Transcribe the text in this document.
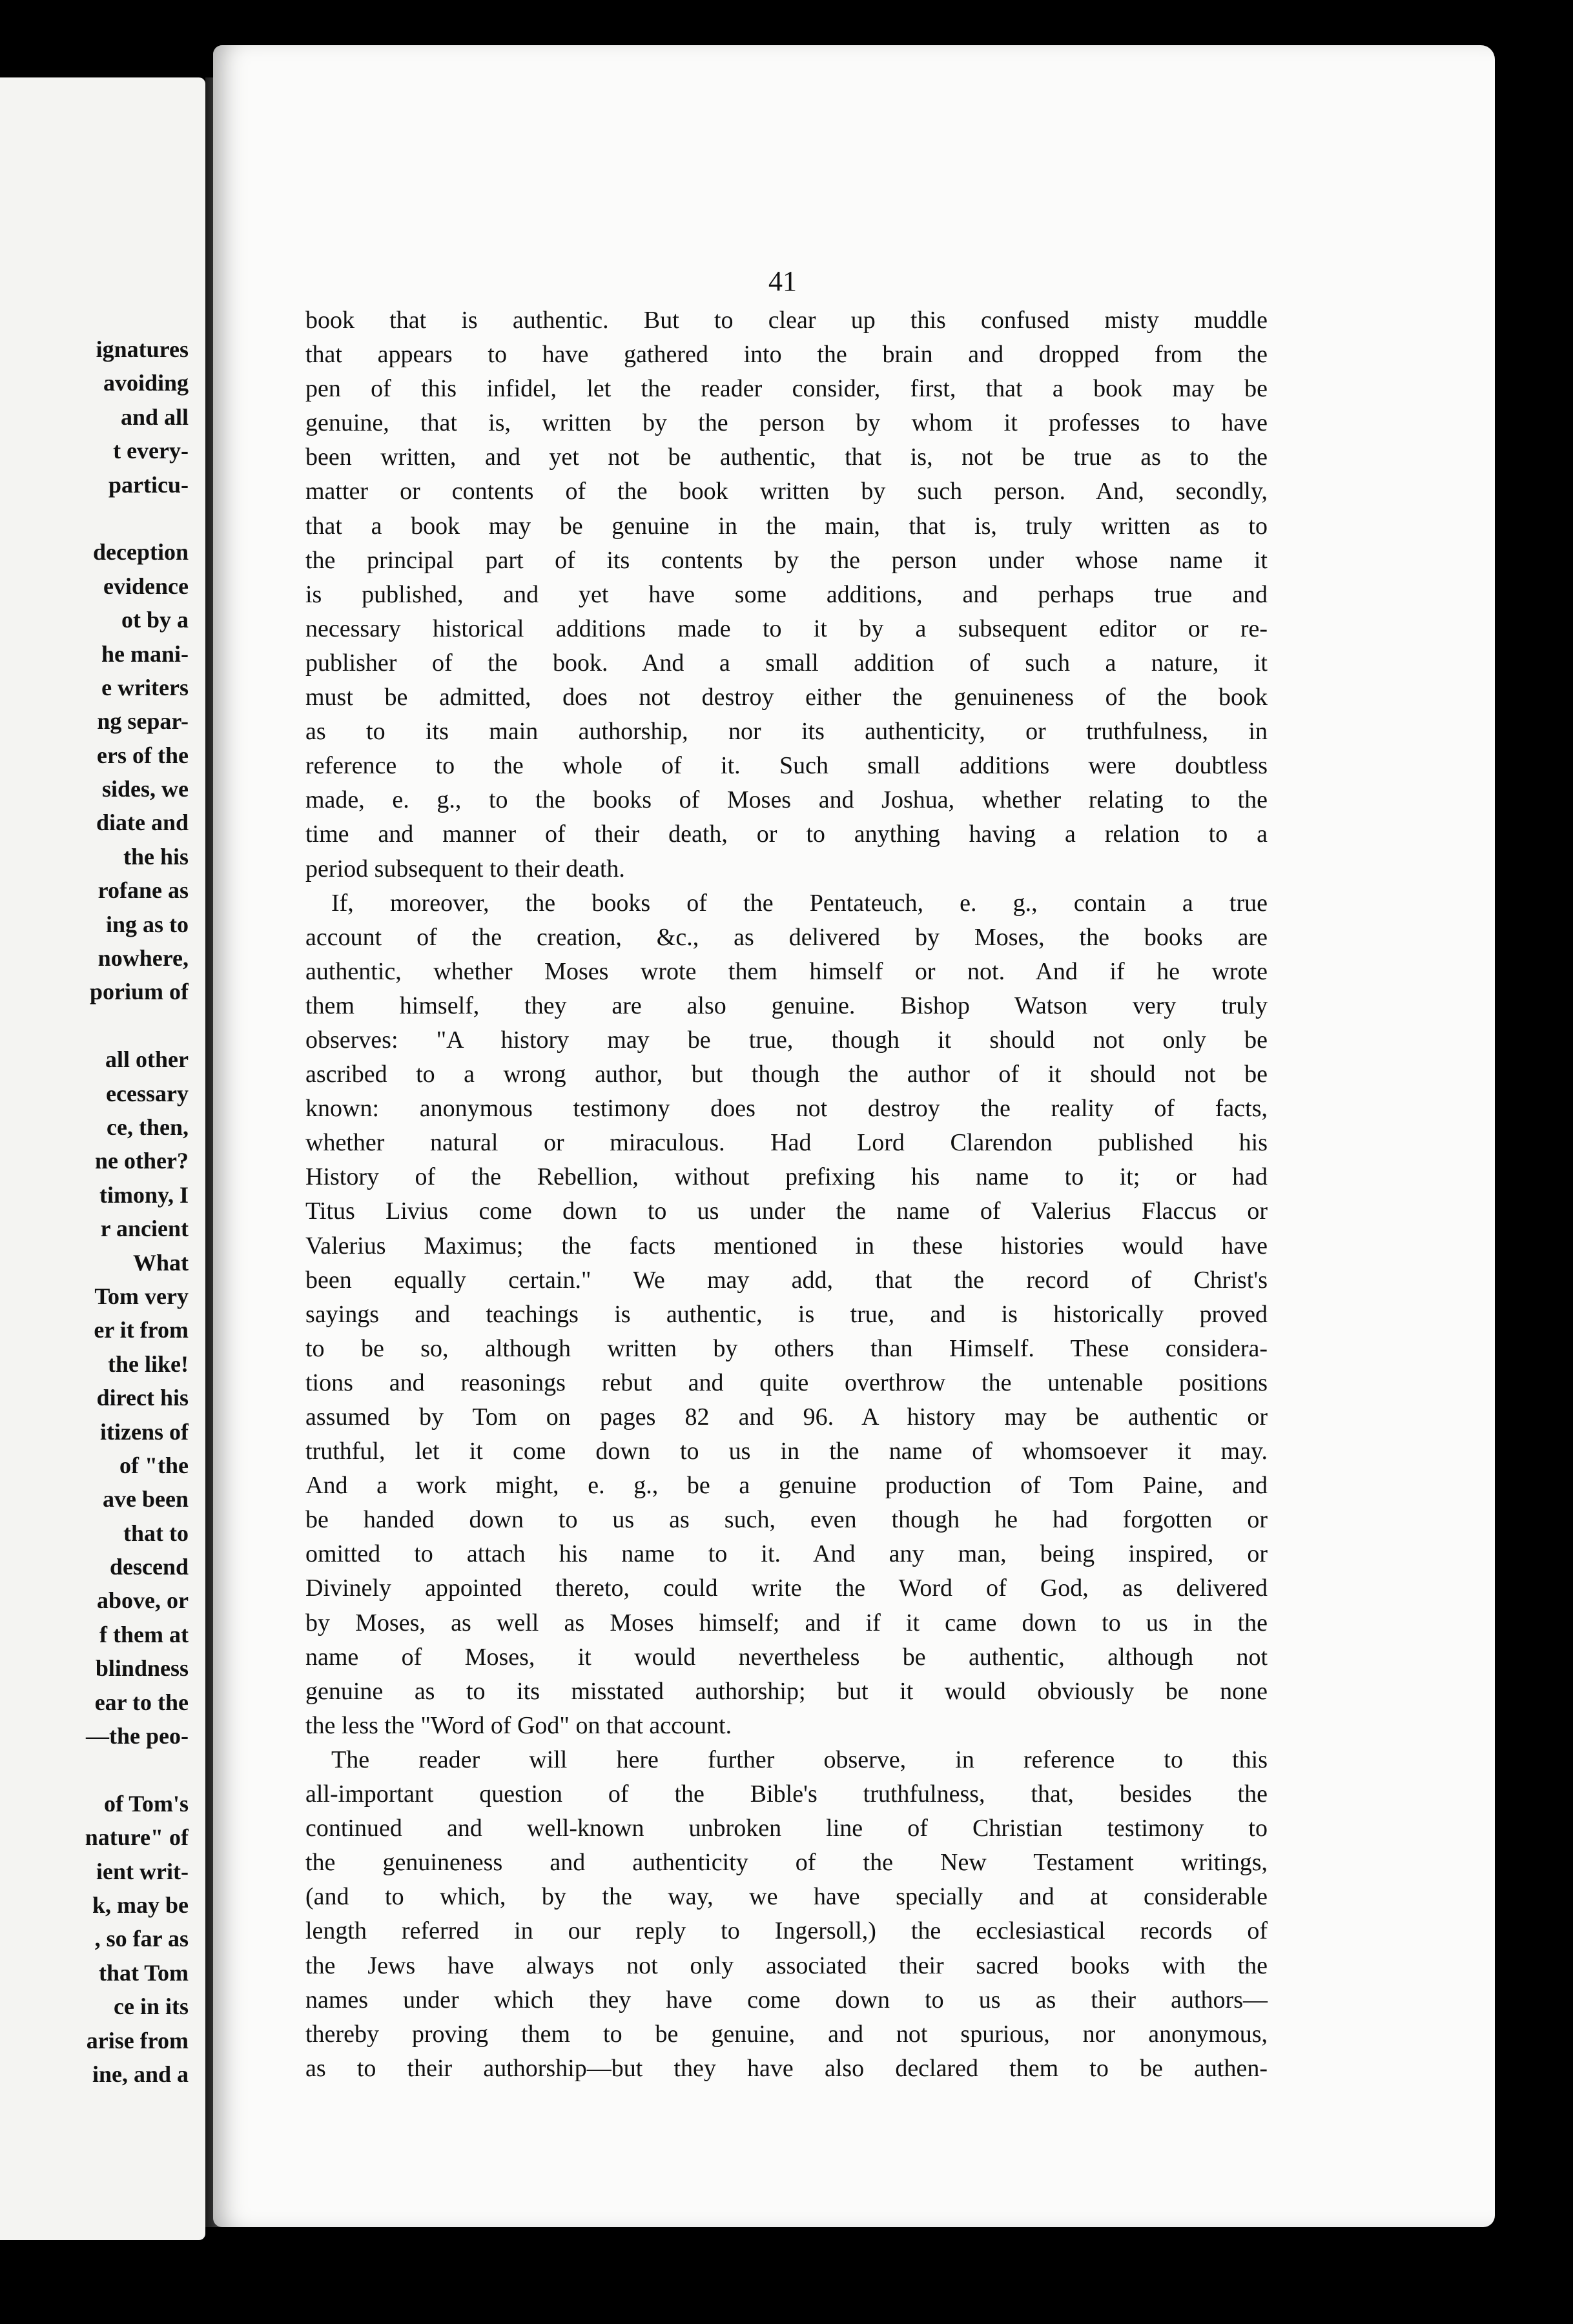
ignatures
avoiding
and all
t every-
particu-
deception
evidence
ot by a
he mani-
e writers
ng separ-
ers of the
sides, we
diate and
the his
rofane as
ing as to
nowhere,
porium of
all other
ecessary
ce, then,
ne other?
timony, I
r ancient
What
Tom very
er it from
the like!
direct his
itizens of
of "the
ave been
that to
descend
above, or
f them at
blindness
ear to the
—the peo-
of Tom's
nature" of
ient writ-
k, may be
, so far as
that Tom
ce in its
arise from
ine, and a
41
book that is authentic. But to clear up this confused misty muddle
that appears to have gathered into the brain and dropped from the
pen of this infidel, let the reader consider, first, that a book may be
genuine, that is, written by the person by whom it professes to have
been written, and yet not be authentic, that is, not be true as to the
matter or contents of the book written by such person. And, secondly,
that a book may be genuine in the main, that is, truly written as to
the principal part of its contents by the person under whose name it
is published, and yet have some additions, and perhaps true and
necessary historical additions made to it by a subsequent editor or re-
publisher of the book. And a small addition of such a nature, it
must be admitted, does not destroy either the genuineness of the book
as to its main authorship, nor its authenticity, or truthfulness, in
reference to the whole of it. Such small additions were doubtless
made, e. g., to the books of Moses and Joshua, whether relating to the
time and manner of their death, or to anything having a relation to a
period subsequent to their death.
If, moreover, the books of the Pentateuch, e. g., contain a true
account of the creation, &c., as delivered by Moses, the books are
authentic, whether Moses wrote them himself or not. And if he wrote
them himself, they are also genuine. Bishop Watson very truly
observes: "A history may be true, though it should not only be
ascribed to a wrong author, but though the author of it should not be
known: anonymous testimony does not destroy the reality of facts,
whether natural or miraculous. Had Lord Clarendon published his
History of the Rebellion, without prefixing his name to it; or had
Titus Livius come down to us under the name of Valerius Flaccus or
Valerius Maximus; the facts mentioned in these histories would have
been equally certain." We may add, that the record of Christ's
sayings and teachings is authentic, is true, and is historically proved
to be so, although written by others than Himself. These considera-
tions and reasonings rebut and quite overthrow the untenable positions
assumed by Tom on pages 82 and 96. A history may be authentic or
truthful, let it come down to us in the name of whomsoever it may.
And a work might, e. g., be a genuine production of Tom Paine, and
be handed down to us as such, even though he had forgotten or
omitted to attach his name to it. And any man, being inspired, or
Divinely appointed thereto, could write the Word of God, as delivered
by Moses, as well as Moses himself; and if it came down to us in the
name of Moses, it would nevertheless be authentic, although not
genuine as to its misstated authorship; but it would obviously be none
the less the "Word of God" on that account.
The reader will here further observe, in reference to this
all-important question of the Bible's truthfulness, that, besides the
continued and well-known unbroken line of Christian testimony to
the genuineness and authenticity of the New Testament writings,
(and to which, by the way, we have specially and at considerable
length referred in our reply to Ingersoll,) the ecclesiastical records of
the Jews have always not only associated their sacred books with the
names under which they have come down to us as their authors—
thereby proving them to be genuine, and not spurious, nor anonymous,
as to their authorship—but they have also declared them to be authen-
